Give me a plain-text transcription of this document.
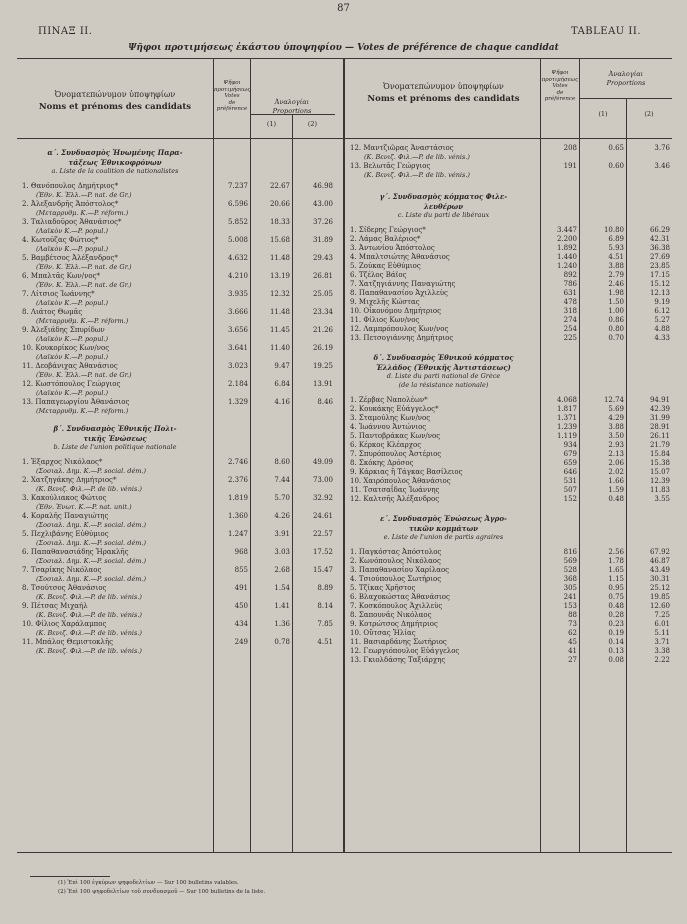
87
ΠΙΝΑΞ ΙΙ.	TABLEAU II.
Ψῆφοι προτιμήσεως ἑκάστου ὑποψηφίου — Votes de préférence de chaque candidat
Ὀνοματεπώνυμον ὑποψηφίων
Noms et prénoms des candidats
Ψῆφοι
προτιμήσεως
Votes
de
préférence
Ἀναλογίαι
Proportions
(1)	(2)
Ὀνοματεπώνυμον ὑποψηφίων
Noms et prénoms des candidats
Ψῆφοι
προτιμήσεως
Votes
de
préférence
Ἀναλογίαι
Proportions
(1)	(2)
α΄. Συνδυασμὸς Ἡνωμένης Παρα-
τάξεως Ἐθνικοφρόνων
a. Liste de la coalition de nationalistes
1. Θανόπουλος Δημήτριος*	7.237	22.67	46.98
(Ἐθν. Κ. Ἑλλ.—P. nat. de Gr.)
2. Ἀλεξανδρῆς Ἀπόστολος*	6.596	20.66	43.00
(Μεταρρυθμ. Κ.—P. réform.)
3. Ταλιαδοῦρος Ἀθανάσιος*	5.852	18.33	37.26
(Λαϊκὸν Κ.—P. popul.)
4. Κωτούζας Φώτιος*	5.008	15.68	31.89
(Λαϊκὸν Κ.—P. popul.)
5. Βαμβέτσος Ἀλέξανδρος*	4.632	11.48	29.43
(Ἐθν. Κ. Ἑλλ.—P. nat. de Gr.)
6. Μπαλτᾶς Κων/νος*	4.210	13.19	26.81
(Ἐθν. Κ. Ἑλλ.—P. nat. de Gr.)
7. Λίτσιος Ἰωάννης*	3.935	12.32	25.05
(Λαϊκὸν Κ.—P. popul.)
8. Λιάτος Θωμᾶς	3.666	11.48	23.34
(Μεταρρυθμ. Κ.—P. réform.)
9. Ἀλεξιάδης Σπυρίδων	3.656	11.45	21.26
(Λαϊκὸν Κ.—P. popul.)
10. Κουκορίκος Κων/νος	3.641	11.40	26.19
(Λαϊκὸν Κ.—P. popul.)
11. Δεοβάνιχας Ἀθανάσιος	3.023	9.47	19.25
(Ἐθν. Κ. Ἑλλ.—P. nat. de Gr.)
12. Κωστόπουλος Γεώργιος	2.184	6.84	13.91
(Λαϊκὸν Κ.—P. popul.)
13. Παπαγεωργίου Ἀθανάσιος	1.329	4.16	8.46
(Μεταρρυθμ. Κ.—P. réform.)
β΄. Συνδυασμὸς Ἐθνικῆς Πολι-
τικῆς Ἑνώσεως
b. Liste de l'union politique nationale
1. Ἐξαρχος Νικόλαος*	2.746	8.60	49.09
(Σοσιαλ. Δημ. Κ.—P. social. dém.)
2. Χατζηγάκης Δημήτριος*	2.376	7.44	73.00
(Κ. Βενιζ. Φιλ.—P. de lib. vénis.)
3. Κακούλιακος Φώτιος	1.819	5.70	32.92
(Ἐθν. Ἑνωτ. Κ.—P. nat. unit.)
4. Κοραλῆς Παναγιώτης	1.360	4.26	24.61
(Σοσιαλ. Δημ. Κ.—P. social. dém.)
5. Πεχλιβάνης Εὐθύμιος	1.247	3.91	22.57
(Σοσιαλ. Δημ. Κ.—P. social. dém.)
6. Παπαθανασιάδης Ἡρακλῆς	968	3.03	17.52
(Σοσιαλ. Δημ. Κ.—P. social. dém.)
7. Τσαρίκης Νικόλαος	855	2.68	15.47
(Σοσιαλ. Δημ. Κ.—P. social. dém.)
8. Τσούτσος Ἀθανάσιος	491	1.54	8.89
(Κ. Βενιζ. Φιλ.—P. de lib. vénis.)
9. Πέτσας Μιχαήλ	450	1.41	8.14
(Κ. Βενιζ. Φιλ.—P. de lib. vénis.)
10. Φίλιος Χαράλαμπος	434	1.36	7.85
(Κ. Βενιζ. Φιλ.—P. de lib. vénis.)
11. Μπάλος Θεμιστοκλῆς	249	0.78	4.51
(Κ. Βενιζ. Φιλ.—P. de lib. vénis.)
12. Μαντζιῶρας Ἀναστάσιος	208	0.65	3.76
(Κ. Βενιζ. Φιλ.—P. de lib. vénis.)
13. Βελωτᾶς Γεώργιος	191	0.60	3.46
(Κ. Βενιζ. Φιλ.—P. de lib. vénis.)
γ΄. Συνδυασμὸς κόμματος Φιλε-
λευθέρων
c. Liste du parti de libéraux
1. Σίδερης Γεώργιος*	3.447	10.80	66.29
2. Λάμας Βαλέριος*	2.200	6.89	42.31
3. Ἀντωνίου Ἀπόστολος	1.892	5.93	36.38
4. Μπαλτσιώτης Ἀθανάσιος	1.440	4.51	27.69
5. Ζούκας Εὐθύμιος	1.240	3.88	23.85
6. Τζέλος Βάϊος	892	2.79	17.15
7. Χατζηγιάννης Παναγιώτης	786	2.46	15.12
8. Παπαθανασίου Ἀχιλλεὺς	631	1.98	12.13
9. Μιχελῆς Κώστας	478	1.50	9.19
10. Οἰκονόμου Δημήτριος	318	1.00	6.12
11. Φίλιος Κων/νος	274	0.86	5.27
12. Λαμπρόπουλος Κων/νος	254	0.80	4.88
13. Πετσογιάννης Δημήτριος	225	0.70	4.33
δ΄. Συνδυασμὸς Ἐθνικοῦ κόμματος
Ἑλλάδος (Ἐθνικῆς Ἀντιστάσεως)
d. Liste du parti national de Grèce
(de la résistance nationale)
1. Ζέρβας Ναπολέων*	4.068	12.74	94.91
2. Κουκάκης Εὐάγγελος*	1.817	5.69	42.39
3. Σταμούλης Κων/νος	1.371	4.29	31.99
4. Ἰωάννου Ἀντώνιος	1.239	3.88	28.91
5. Παντοβράκας Κων/νος	1.119	3.50	26.11
6. Κέρκος Κλέαρχος	934	2.93	21.79
7. Σπυρόπουλος Ἀστέριος	679	2.13	15.84
8. Σκόκης Δρόσος	659	2.06	15.38
9. Κάρκιας ἢ Τάγκας Βασίλειος	646	2.02	15.07
10. Χαιρόπουλος Ἀθανάσιος	531	1.66	12.39
11. Τσατσαΐδας Ἰωάννης	507	1.59	11.83
12. Καλτσῆς Ἀλέξανδρος	152	0.48	3.55
ε΄. Συνδυασμὸς Ἑνώσεως Ἀγρο-
τικῶν κομμάτων
e. Liste de l'union de partis agraires
1. Παγκόστας Ἀπόστολος	816	2.56	67.92
2. Κωνόπουλος Νικόλαος	569	1.78	46.87
3. Παπαθανασίου Χαρίλαος	528	1.65	43.49
4. Τσιούπουλος Σωτήριος	368	1.15	30.31
5. Τζίκας Χρῆστος	305	0.95	25.12
6. Βλαχοκώστας Ἀθανάσιος	241	0.75	19.85
7. Κοσκόπουλος Ἀχιλλεὺς	153	0.48	12.60
8. Σαπουνᾶς Νικόλαος	88	0.28	7.25
9. Κοτρώτσος Δημήτριος	73	0.23	6.01
10. Οὔτσας Ἠλίας	62	0.19	5.11
11. Βασιαρδάνης Σωτήριος	45	0.14	3.71
12. Γεωργιόπουλος Εὐάγγελος	41	0.13	3.38
13. Γκιολδάσης Ταξιάρχης	27	0.08	2.22
(1) Ἐπὶ 100 ἐγκύρων ψηφοδελτίων — Sur 100 bulletins valables.
(2) Ἐπὶ 100 ψηφοδελτίων τοῦ συνδυασμοῦ — Sur 100 bulletins de la liste.
